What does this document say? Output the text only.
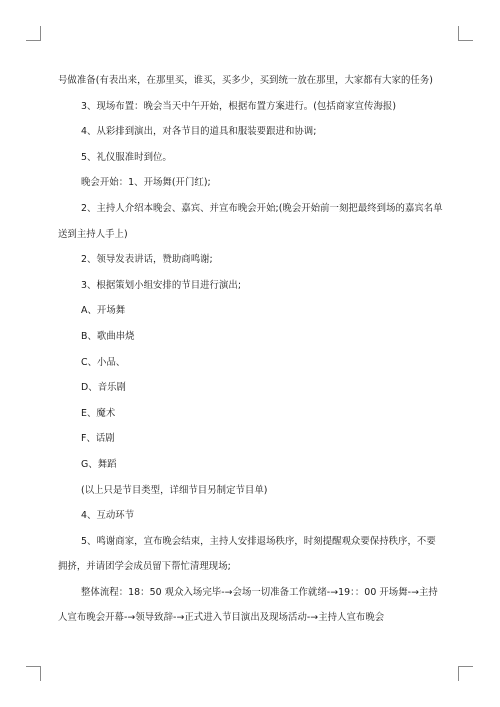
号做准备(有表出来，在那里买，谁买，买多少，买到统一放在那里，大家都有大家的任务)

3、现场布置：晚会当天中午开始，根据布置方案进行。(包括商家宣传海报)

4、从彩排到演出，对各节目的道具和服装要跟进和协调;

5、礼仪服准时到位。

晚会开始：1、开场舞(开门红);

2、主持人介绍本晚会、嘉宾、并宣布晚会开始;(晚会开始前一刻把最终到场的嘉宾名单送到主持人手上)

2、领导发表讲话，赞助商鸣谢;

3、根据策划小组安排的节目进行演出;

A、开场舞

B、歌曲串烧

C、小品、

D、音乐剧

E、魔术

F、话剧

G、舞蹈

(以上只是节目类型，详细节目另制定节目单)

4、互动环节

5、鸣谢商家，宣布晚会结束，主持人安排退场秩序，时刻提醒观众要保持秩序，不要拥挤，并请团学会成员留下帮忙清理现场;

整体流程：18：50 观众入场完毕-→会场一切准备工作就绪-→19：：00 开场舞-→主持人宣布晚会开幕-→领导致辞-→正式进入节目演出及现场活动-→主持人宣布晚会
